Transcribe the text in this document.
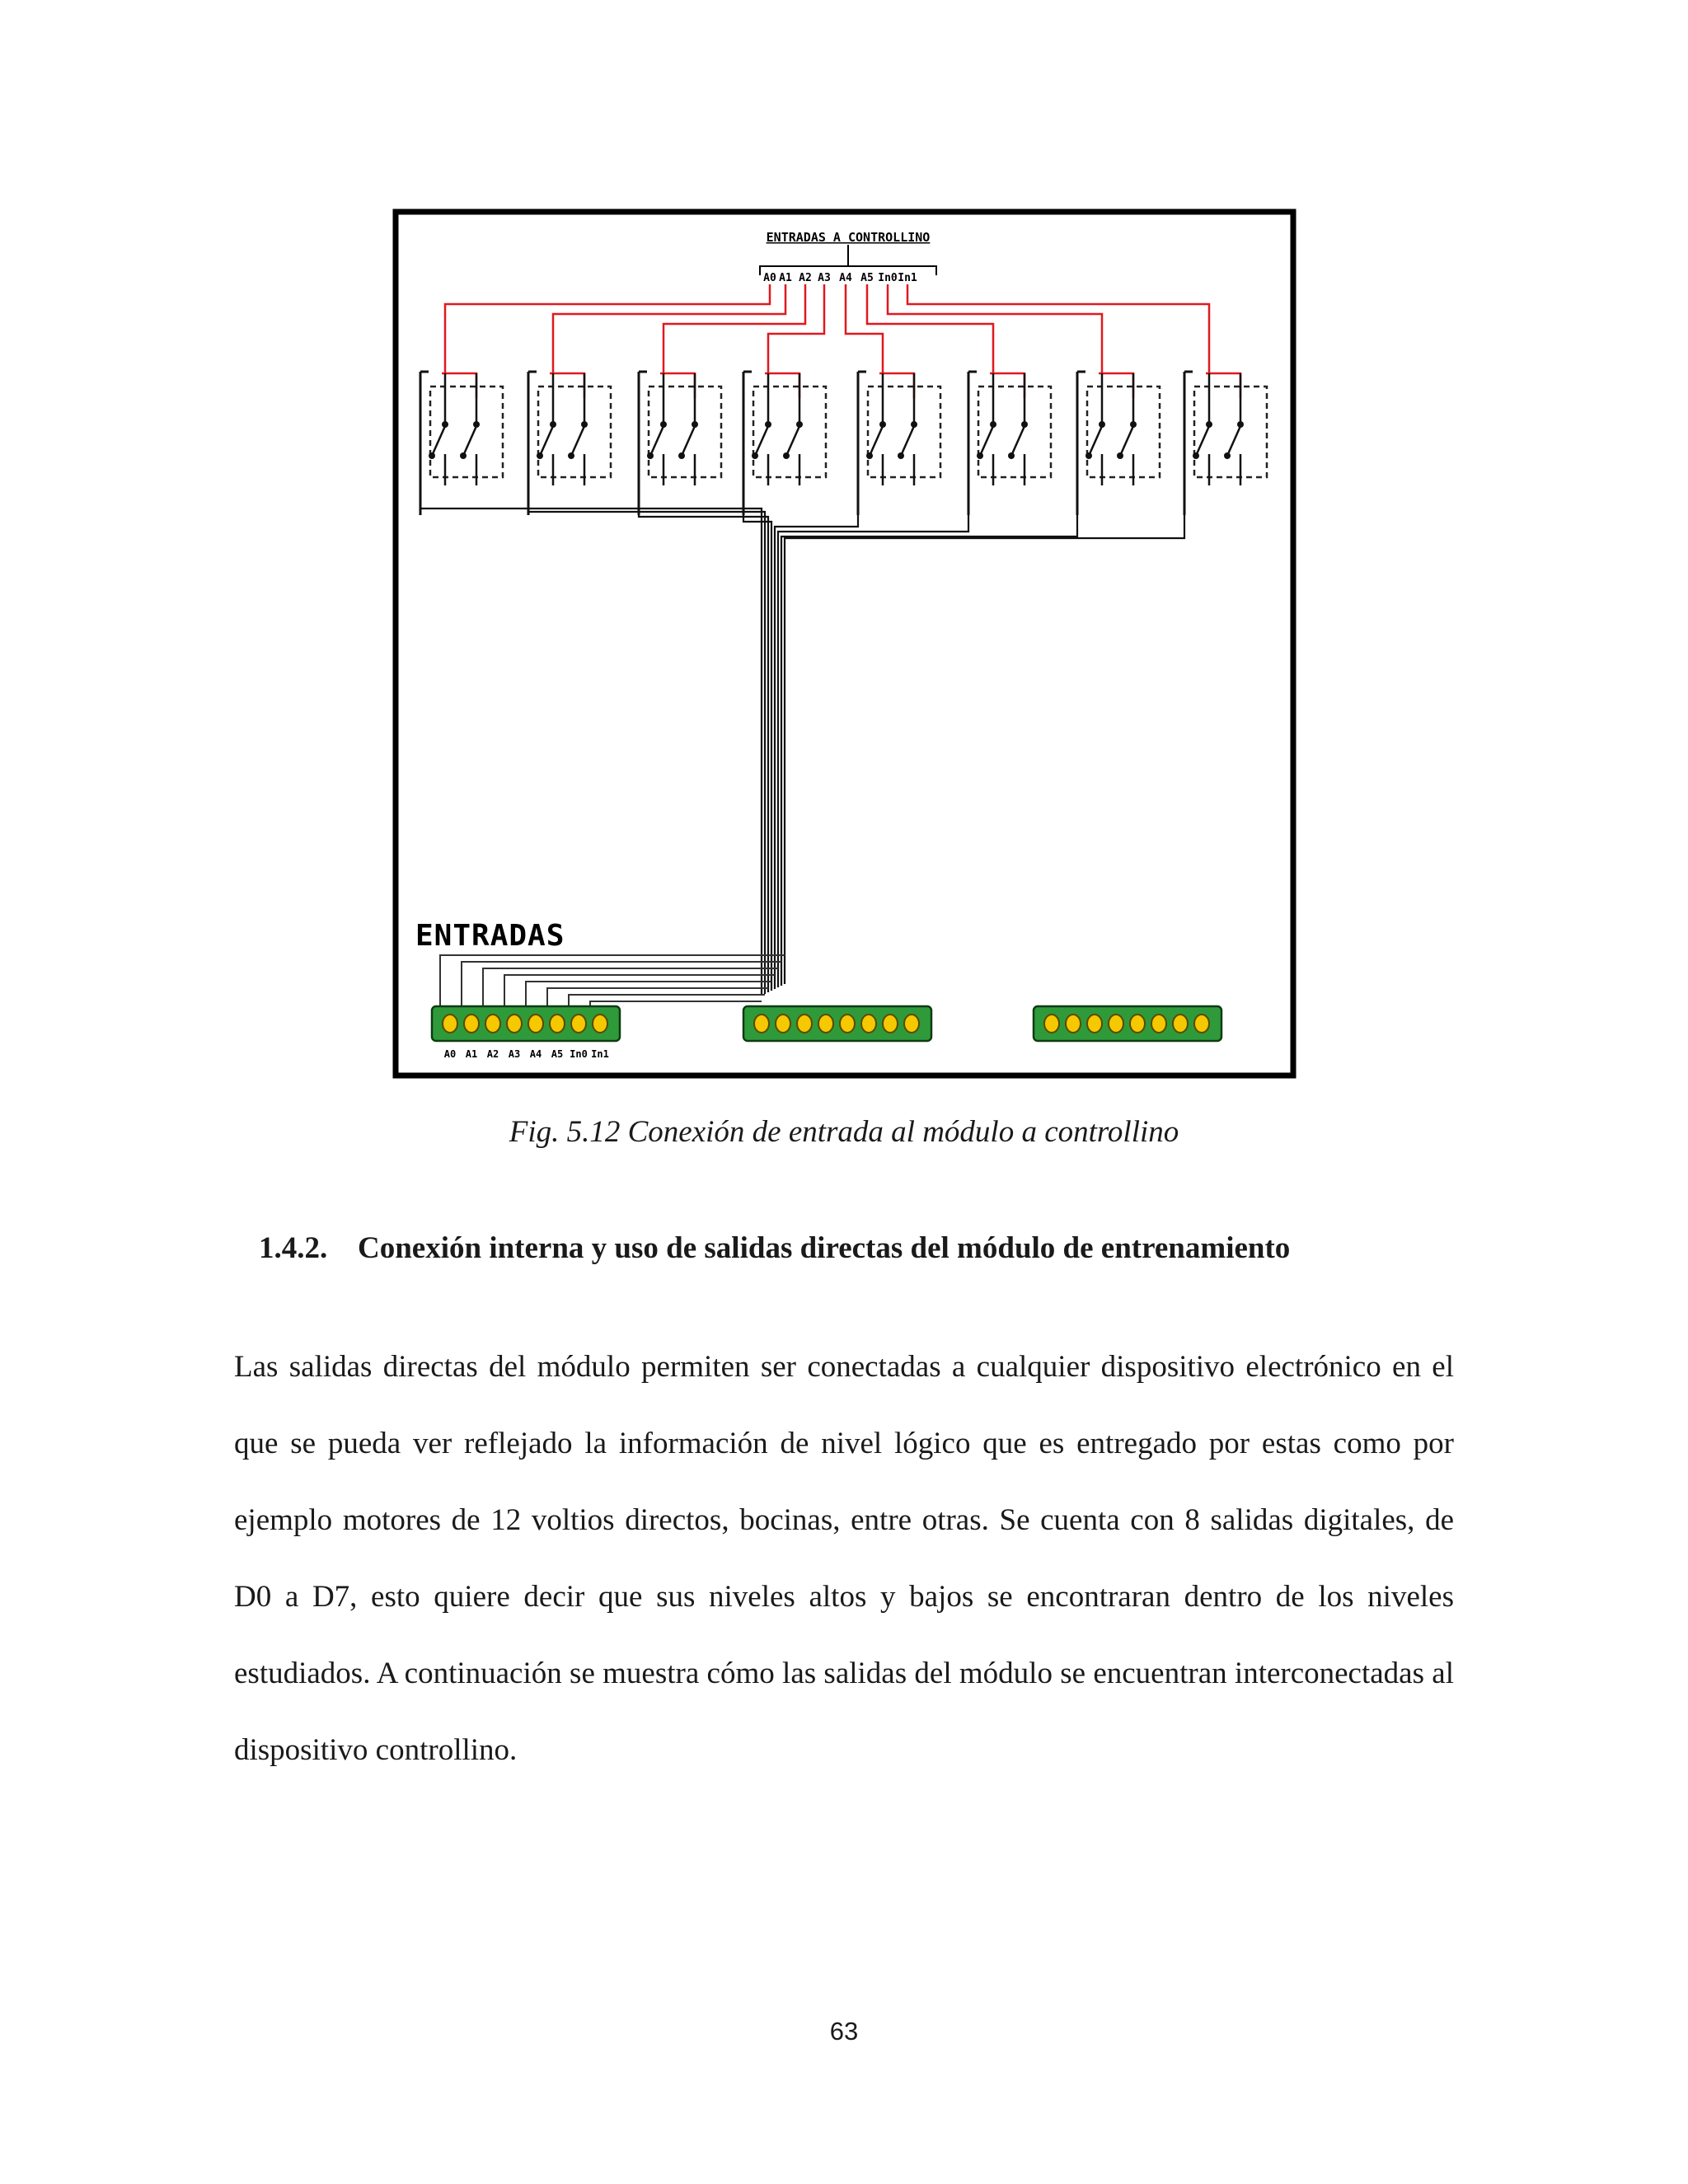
ENTRADAS A CONTROLLINO
A0 A1 A2 A3 A4 A5 In0 In1
ENTRADAS
A0 A1 A2 A3 A4 A5 In0 In1
Fig. 5.12 Conexión de entrada al módulo a controllino
1.4.2. Conexión interna y uso de salidas directas del módulo de entrenamiento

Las salidas directas del módulo permiten ser conectadas a cualquier dispositivo electrónico en el que se pueda ver reflejado la información de nivel lógico que es entregado por estas como por ejemplo motores de 12 voltios directos, bocinas, entre otras. Se cuenta con 8 salidas digitales, de D0 a D7, esto quiere decir que sus niveles altos y bajos se encontraran dentro de los niveles estudiados. A continuación se muestra cómo las salidas del módulo se encuentran interconectadas al dispositivo controllino.

63
